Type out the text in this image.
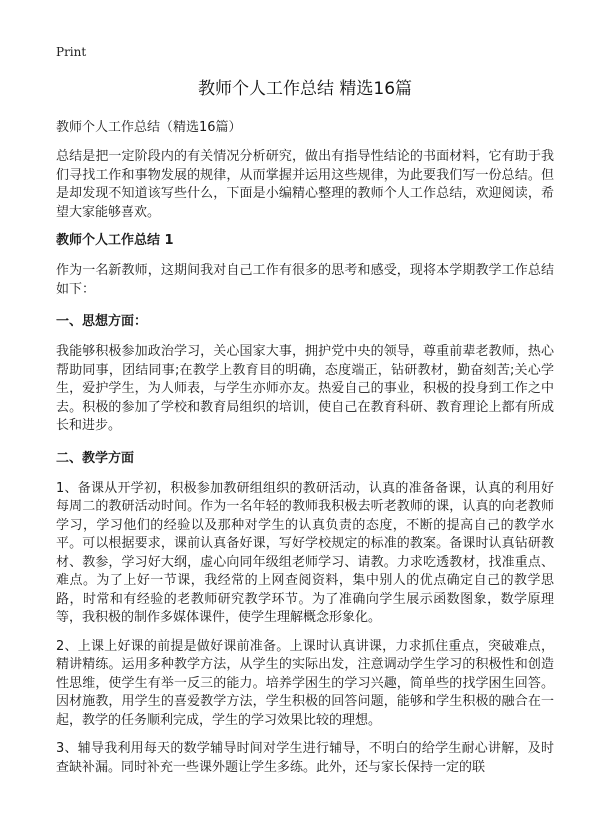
Print
教师个人工作总结 精选16篇
教师个人工作总结（精选16篇）

总结是把一定阶段内的有关情况分析研究，做出有指导性结论的书面材料，它有助于我们寻找工作和事物发展的规律，从而掌握并运用这些规律，为此要我们写一份总结。但是却发现不知道该写些什么，下面是小编精心整理的教师个人工作总结，欢迎阅读，希望大家能够喜欢。

教师个人工作总结 1

作为一名新教师，这期间我对自己工作有很多的思考和感受，现将本学期教学工作总结如下：

一、思想方面：

我能够积极参加政治学习，关心国家大事，拥护党中央的领导，尊重前辈老教师，热心帮助同事，团结同事;在教学上教育目的明确，态度端正，钻研教材，勤奋刻苦;关心学生，爱护学生，为人师表，与学生亦师亦友。热爱自己的事业，积极的投身到工作之中去。积极的参加了学校和教育局组织的培训，使自己在教育科研、教育理论上都有所成长和进步。

二、教学方面

1、备课从开学初，积极参加教研组组织的教研活动，认真的准备备课，认真的利用好每周二的教研活动时间。作为一名年轻的教师我积极去听老教师的课，认真的向老教师学习，学习他们的经验以及那种对学生的认真负责的态度，不断的提高自己的教学水平。可以根据要求，课前认真备好课，写好学校规定的标准的教案。备课时认真钻研教材、教参，学习好大纲，虚心向同年级组老师学习、请教。力求吃透教材，找准重点、难点。为了上好一节课，我经常的上网查阅资料，集中别人的优点确定自己的教学思路，时常和有经验的老教师研究教学环节。为了准确向学生展示函数图象，数学原理等，我积极的制作多媒体课件，使学生理解概念形象化。

2、上课上好课的前提是做好课前准备。上课时认真讲课，力求抓住重点，突破难点，精讲精练。运用多种教学方法，从学生的实际出发，注意调动学生学习的积极性和创造性思维，使学生有举一反三的能力。培养学困生的学习兴趣，简单些的找学困生回答。因材施教，用学生的喜爱教学方法，学生积极的回答问题，能够和学生积极的融合在一起，教学的任务顺利完成，学生的学习效果比较的理想。

3、辅导我利用每天的数学辅导时间对学生进行辅导，不明白的给学生耐心讲解，及时查缺补漏。同时补充一些课外题让学生多练。此外，还与家长保持一定的联
